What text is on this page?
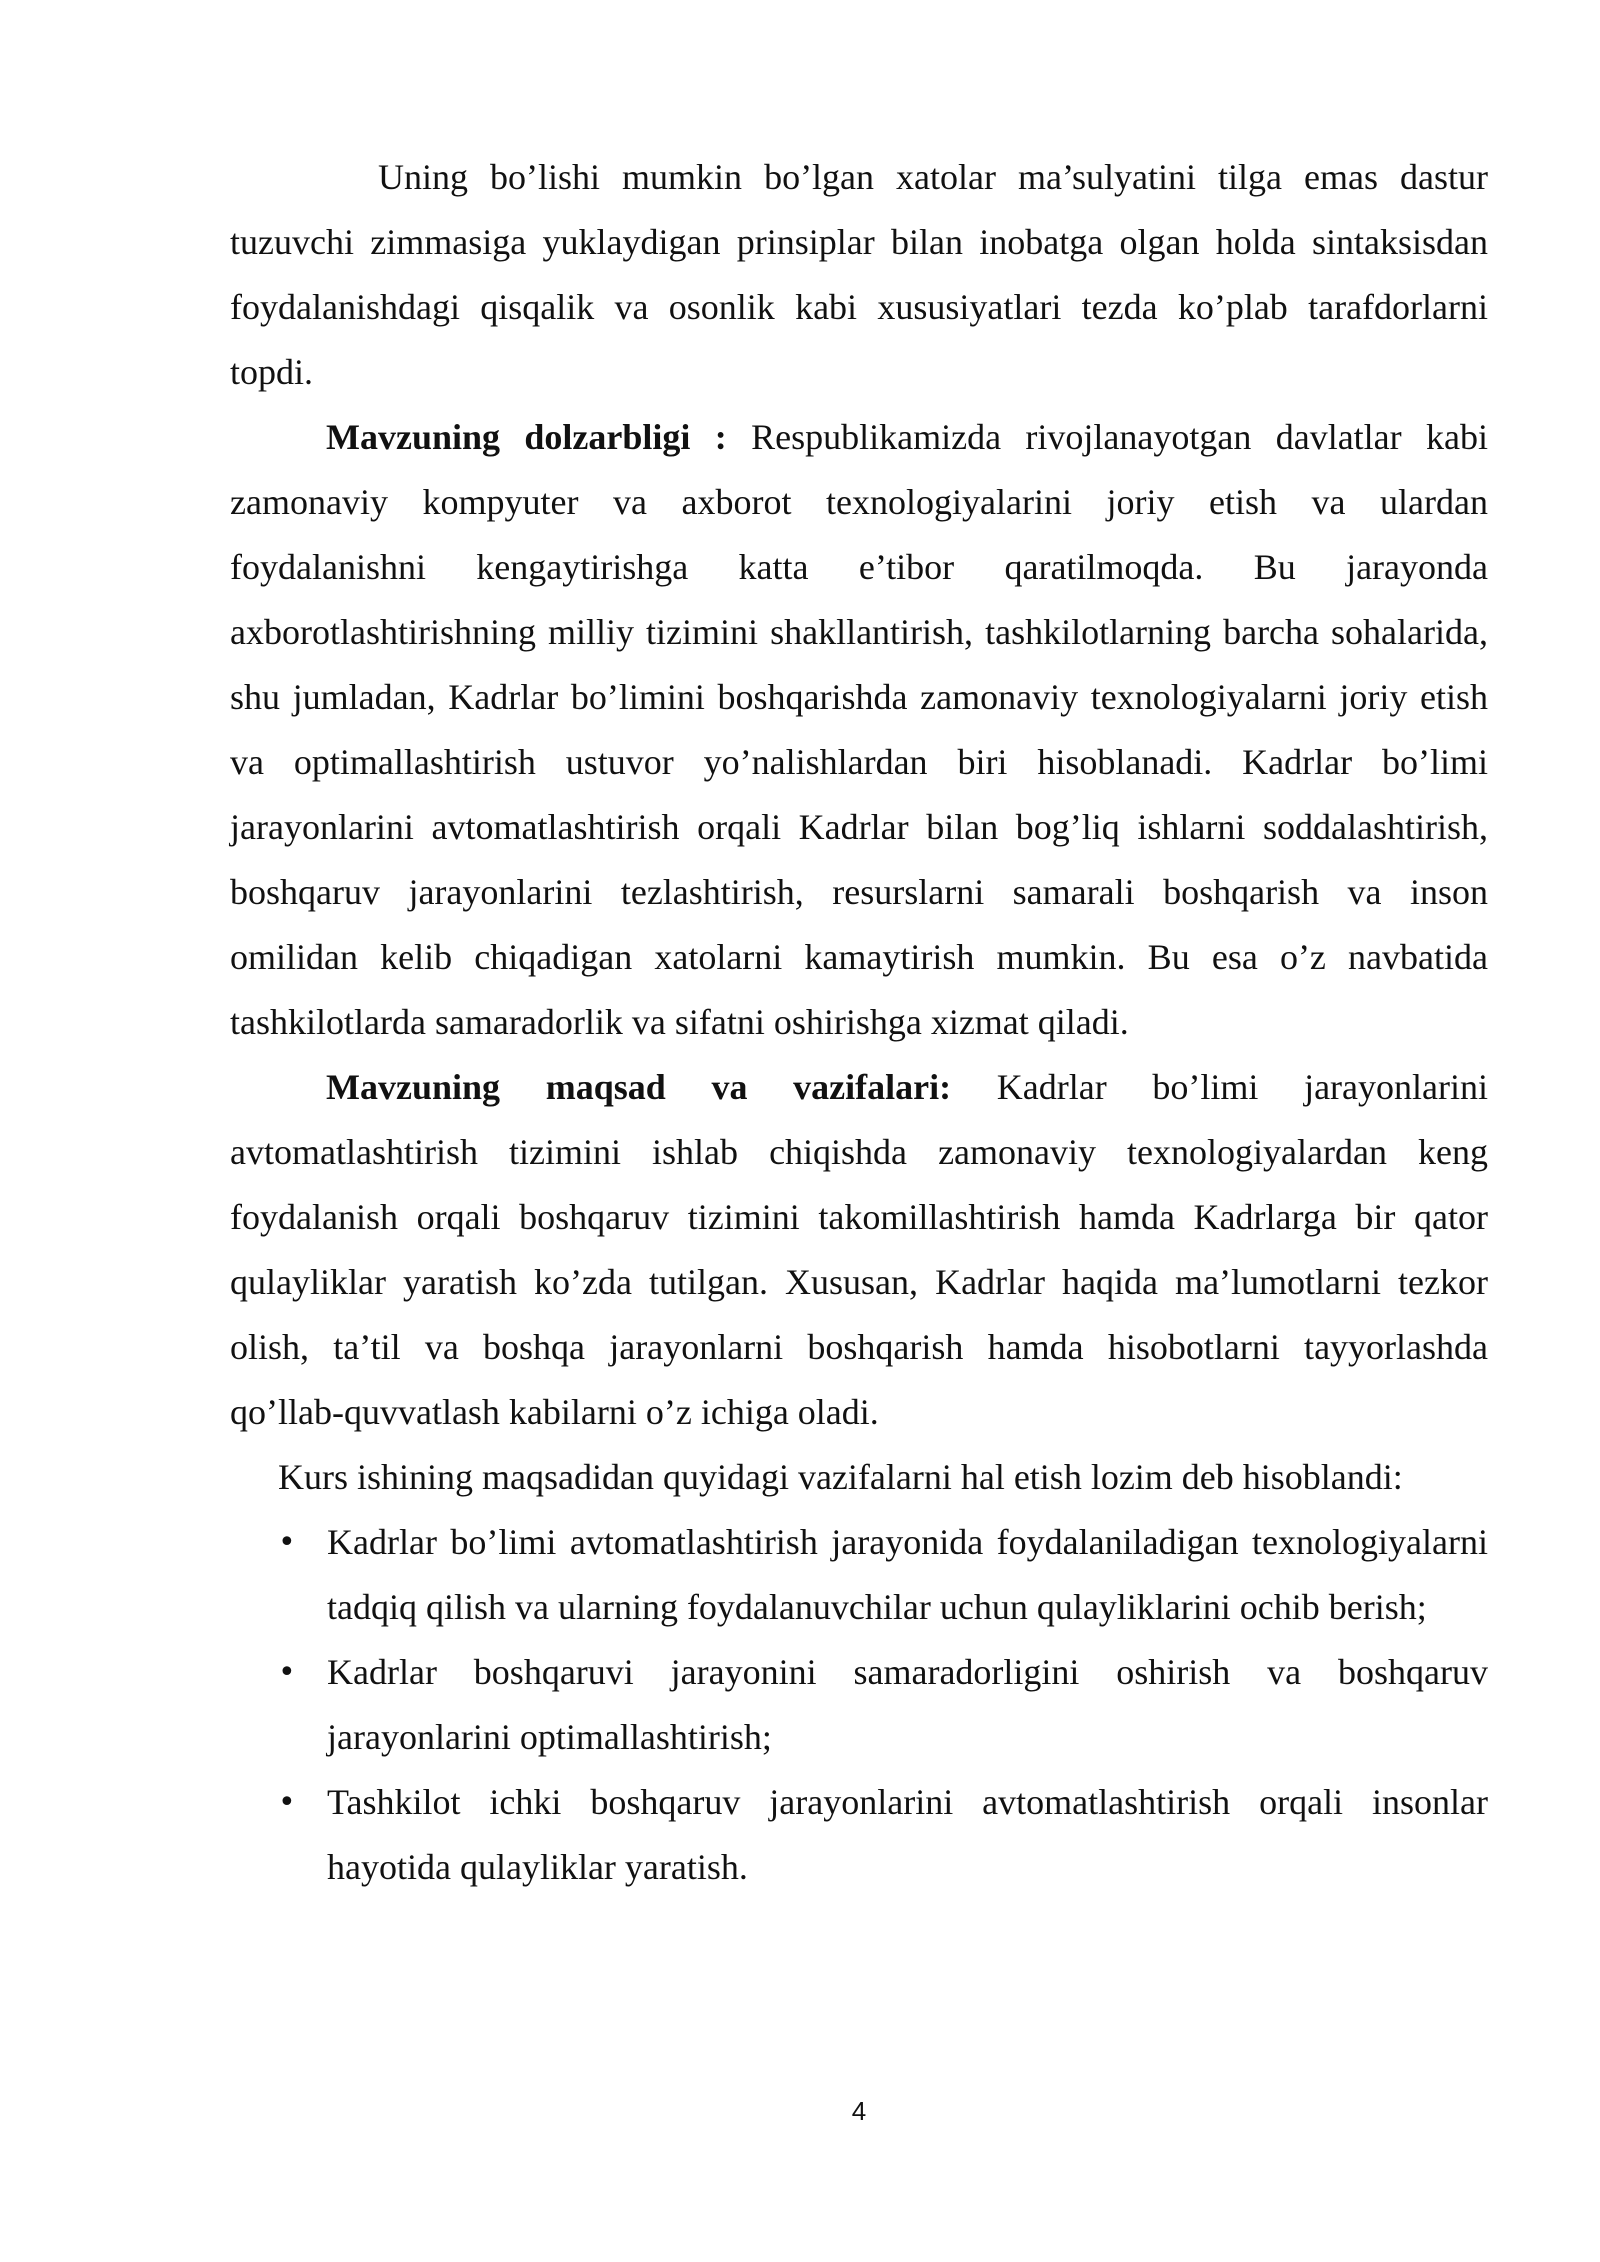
Uning bo’lishi mumkin bo’lgan xatolar ma’sulyatini tilga emas dastur tuzuvchi zimmasiga yuklaydigan prinsiplar bilan inobatga olgan holda sintaksisdan foydalanishdagi qisqalik va osonlik kabi xususiyatlari tezda ko’plab tarafdorlarni topdi.

Mavzuning dolzarbligi : Respublikamizda rivojlanayotgan davlatlar kabi zamonaviy kompyuter va axborot texnologiyalarini joriy etish va ulardan foydalanishni kengaytirishga katta e’tibor qaratilmoqda. Bu jarayonda axborotlashtirishning milliy tizimini shakllantirish, tashkilotlarning barcha sohalarida, shu jumladan, Kadrlar bo’limini boshqarishda zamonaviy texnologiyalarni joriy etish va optimallashtirish ustuvor yo’nalishlardan biri hisoblanadi. Kadrlar bo’limi jarayonlarini avtomatlashtirish orqali Kadrlar bilan bog’liq ishlarni soddalashtirish, boshqaruv jarayonlarini tezlashtirish, resurslarni samarali boshqarish va inson omilidan kelib chiqadigan xatolarni kamaytirish mumkin. Bu esa o’z navbatida tashkilotlarda samaradorlik va sifatni oshirishga xizmat qiladi.

Mavzuning maqsad va vazifalari: Kadrlar bo’limi jarayonlarini avtomatlashtirish tizimini ishlab chiqishda zamonaviy texnologiyalardan keng foydalanish orqali boshqaruv tizimini takomillashtirish hamda Kadrlarga bir qator qulayliklar yaratish ko’zda tutilgan. Xususan, Kadrlar haqida ma’lumotlarni tezkor olish, ta’til va boshqa jarayonlarni boshqarish hamda hisobotlarni tayyorlashda qo’llab-quvvatlash kabilarni o’z ichiga oladi.

Kurs ishining maqsadidan quyidagi vazifalarni hal etish lozim deb hisoblandi:

• Kadrlar bo’limi avtomatlashtirish jarayonida foydalaniladigan texnologiyalarni tadqiq qilish va ularning foydalanuvchilar uchun qulayliklarini ochib berish;
• Kadrlar boshqaruvi jarayonini samaradorligini oshirish va boshqaruv jarayonlarini optimallashtirish;
• Tashkilot ichki boshqaruv jarayonlarini avtomatlashtirish orqali insonlar hayotida qulayliklar yaratish.
4
